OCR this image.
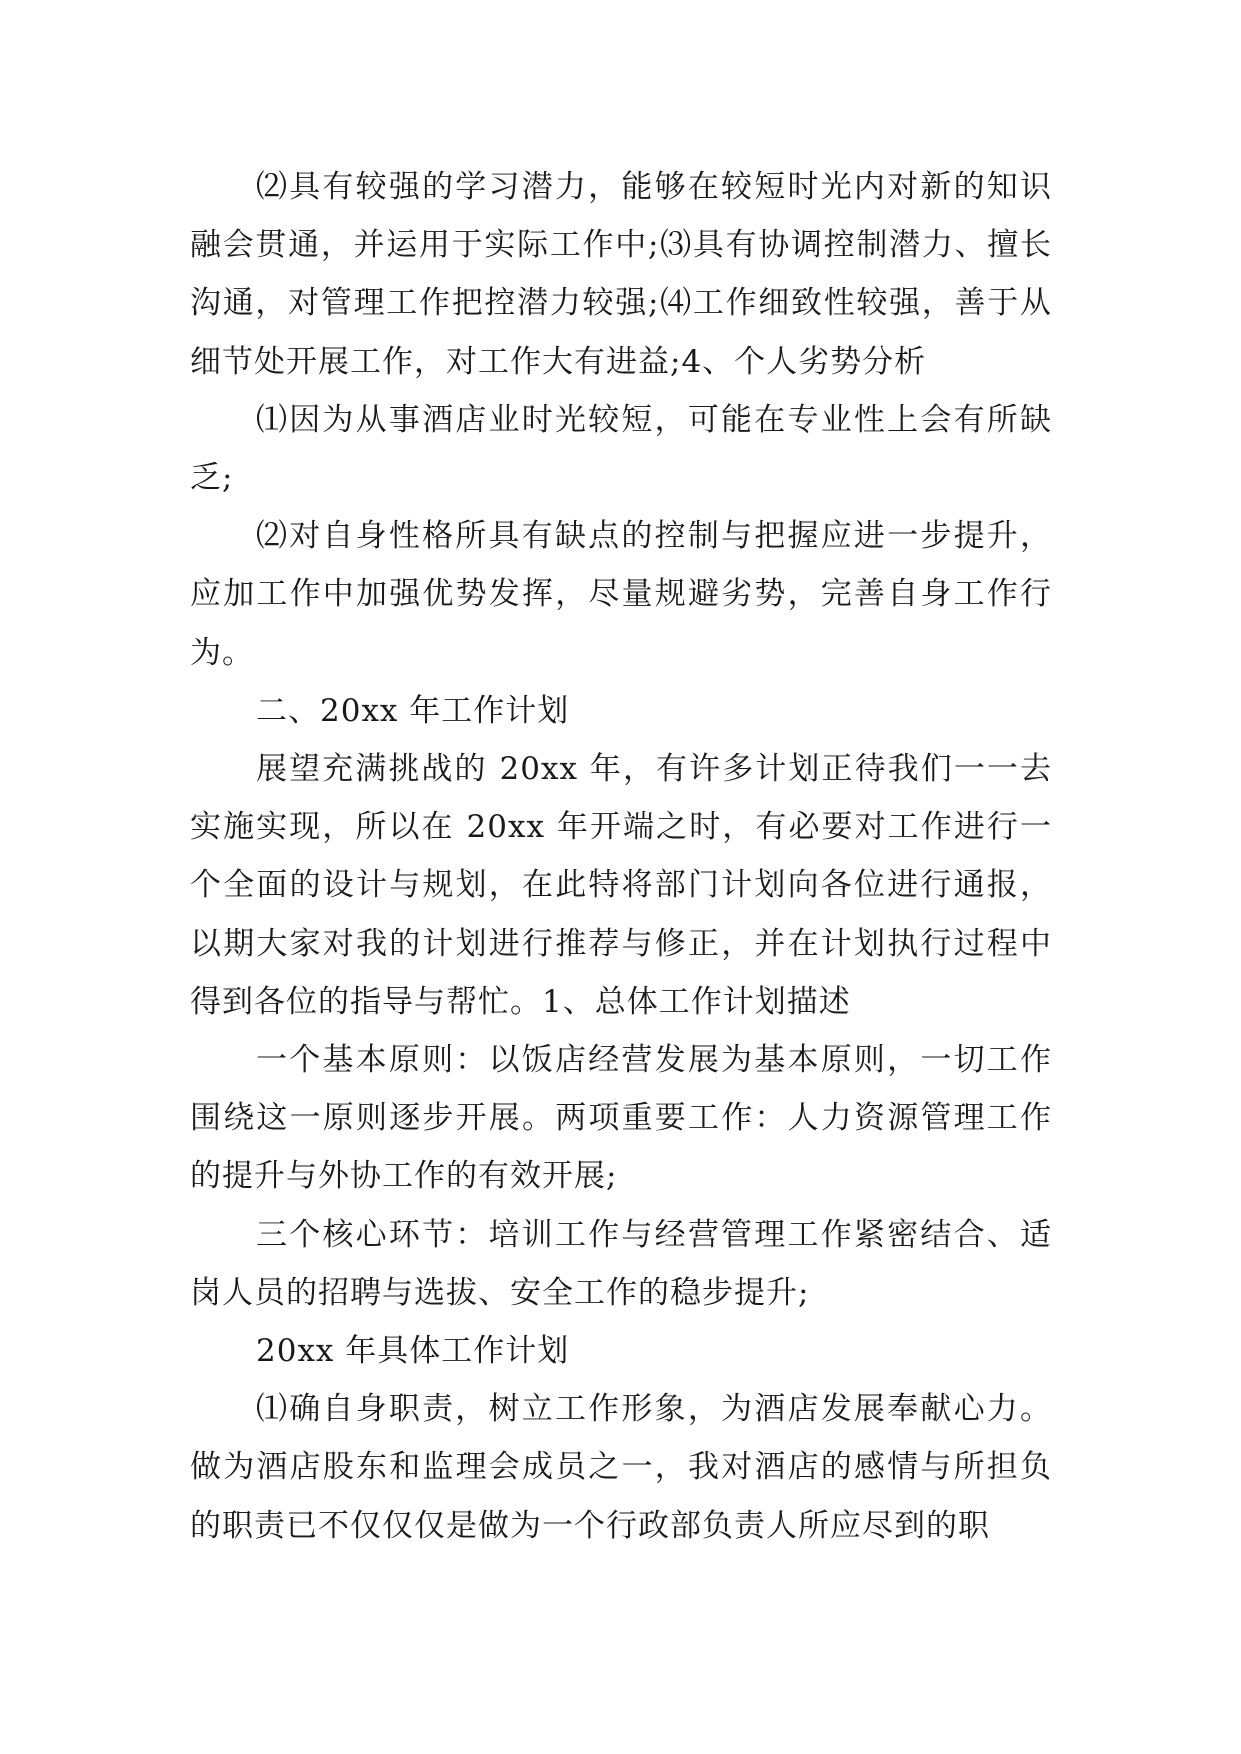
⑵具有较强的学习潜力，能够在较短时光内对新的知识融会贯通，并运用于实际工作中;⑶具有协调控制潜力、擅长沟通，对管理工作把控潜力较强;⑷工作细致性较强，善于从细节处开展工作，对工作大有进益;4、个人劣势分析

⑴因为从事酒店业时光较短，可能在专业性上会有所缺乏;

⑵对自身性格所具有缺点的控制与把握应进一步提升，应加工作中加强优势发挥，尽量规避劣势，完善自身工作行为。

二、20xx 年工作计划

展望充满挑战的 20xx 年，有许多计划正待我们一一去实施实现，所以在 20xx 年开端之时，有必要对工作进行一个全面的设计与规划，在此特将部门计划向各位进行通报，以期大家对我的计划进行推荐与修正，并在计划执行过程中得到各位的指导与帮忙。1、总体工作计划描述

一个基本原则：以饭店经营发展为基本原则，一切工作围绕这一原则逐步开展。两项重要工作：人力资源管理工作的提升与外协工作的有效开展;

三个核心环节：培训工作与经营管理工作紧密结合、适岗人员的招聘与选拔、安全工作的稳步提升;

20xx 年具体工作计划

⑴确自身职责，树立工作形象，为酒店发展奉献心力。做为酒店股东和监理会成员之一，我对酒店的感情与所担负的职责已不仅仅仅是做为一个行政部负责人所应尽到的职
